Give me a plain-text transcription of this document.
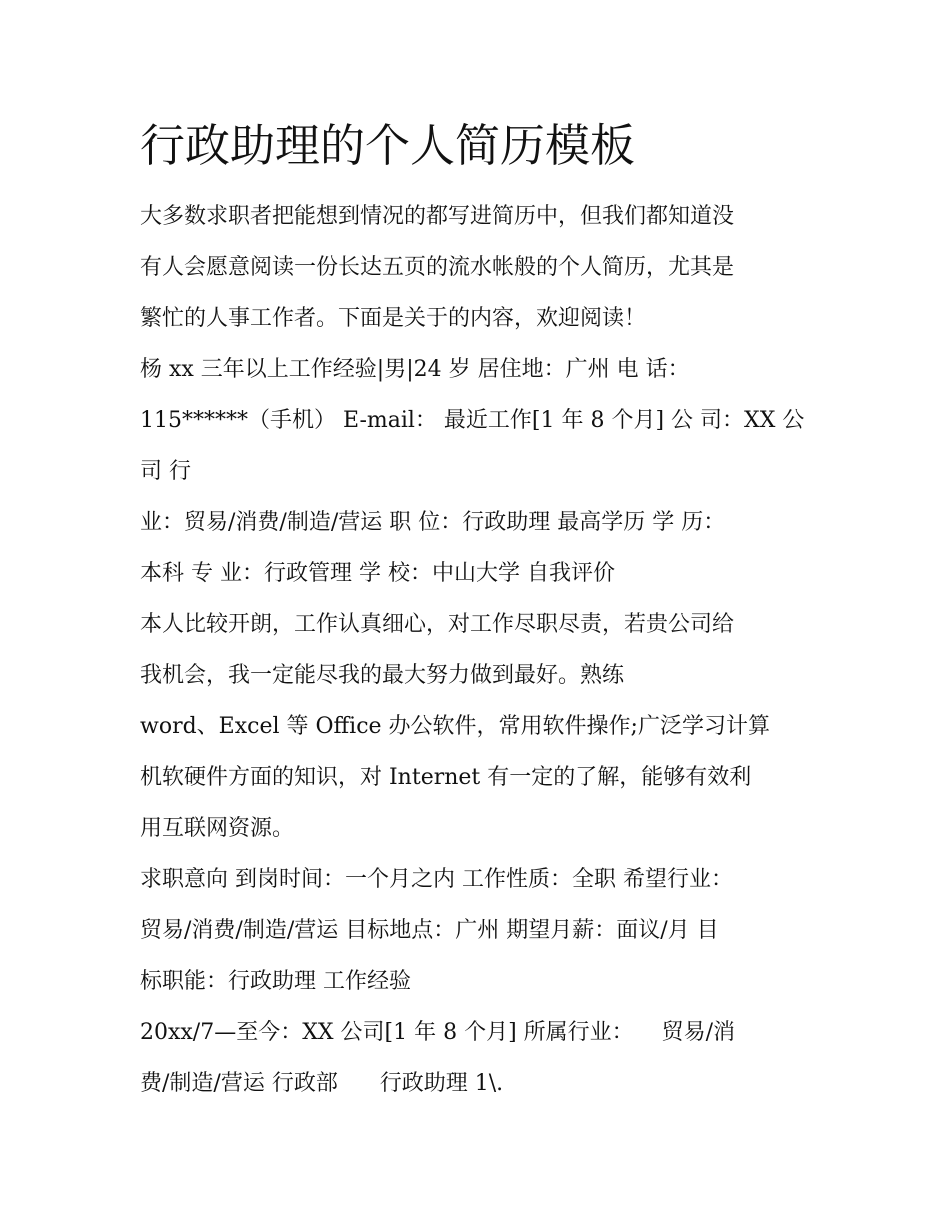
行政助理的个人简历模板

大多数求职者把能想到情况的都写进简历中，但我们都知道没

有人会愿意阅读一份长达五页的流水帐般的个人简历，尤其是

繁忙的人事工作者。下面是关于的内容，欢迎阅读！

杨 xx 三年以上工作经验|男|24 岁 居住地：广州 电 话：

115******（手机） E-mail： 最近工作[1 年 8 个月] 公 司：XX 公

司 行

业：贸易/消费/制造/营运 职 位：行政助理 最高学历 学 历：

本科 专 业：行政管理 学 校：中山大学 自我评价

本人比较开朗，工作认真细心，对工作尽职尽责，若贵公司给

我机会，我一定能尽我的最大努力做到最好。熟练

word、Excel 等 Office 办公软件，常用软件操作;广泛学习计算

机软硬件方面的知识，对 Internet 有一定的了解，能够有效利

用互联网资源。

求职意向 到岗时间：一个月之内 工作性质：全职 希望行业：

贸易/消费/制造/营运 目标地点：广州 期望月薪：面议/月 目

标职能：行政助理 工作经验

20xx/7—至今：XX 公司[1 年 8 个月] 所属行业：    贸易/消

费/制造/营运 行政部      行政助理 1\.
